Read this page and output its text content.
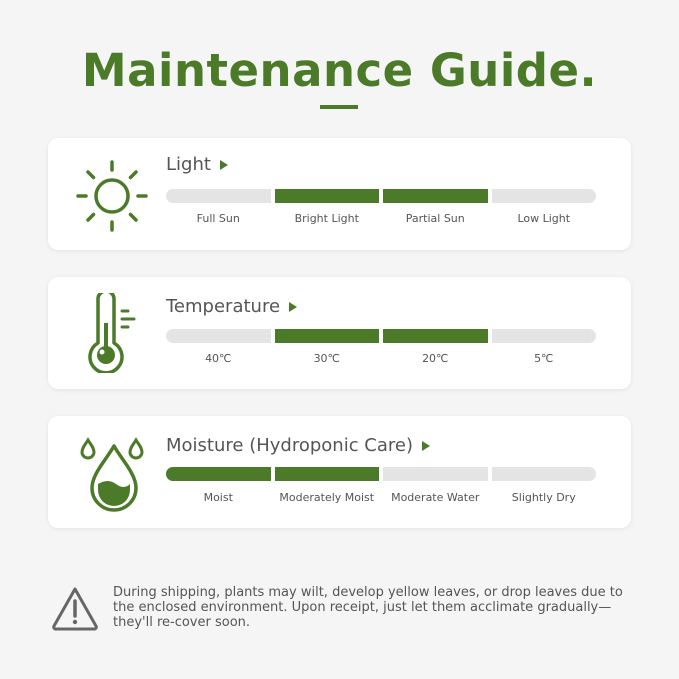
Maintenance Guide.
Light
Full Sun	Bright Light	Partial Sun	Low Light
Temperature
40℃	30℃	20℃	5℃
Moisture (Hydroponic Care)
Moist	Moderately Moist	Moderate Water	Slightly Dry
During shipping, plants may wilt, develop yellow leaves, or drop leaves due to the enclosed environment. Upon receipt, just let them acclimate gradually—they'll re-cover soon.
